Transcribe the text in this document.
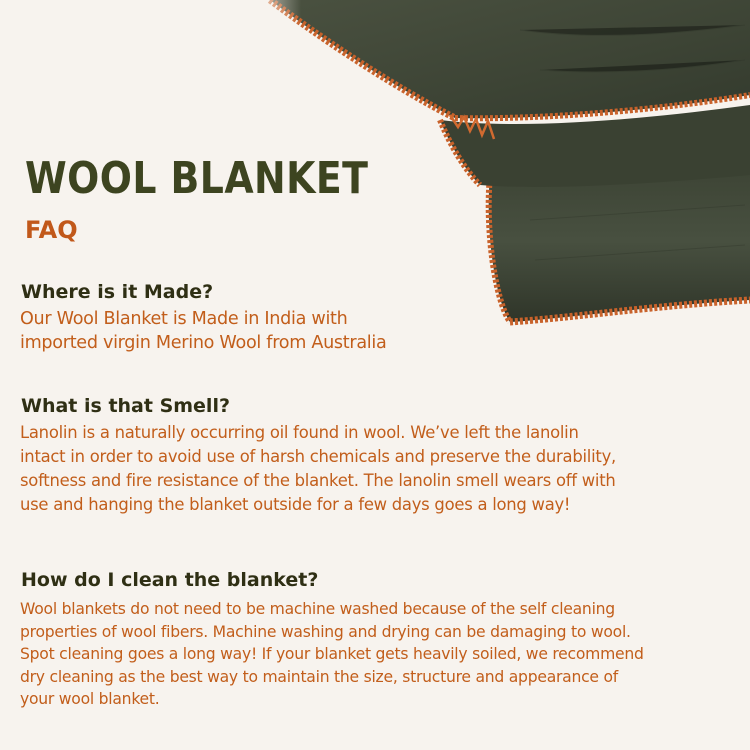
WOOL BLANKET
FAQ
Where is it Made?

Our Wool Blanket is Made in India with
imported virgin Merino Wool from Australia

What is that Smell?

Lanolin is a naturally occurring oil found in wool. We’ve left the lanolin
intact in order to avoid use of harsh chemicals and preserve the durability,
softness and fire resistance of the blanket. The lanolin smell wears off with
use and hanging the blanket outside for a few days goes a long way!

How do I clean the blanket?

Wool blankets do not need to be machine washed because of the self cleaning
properties of wool fibers. Machine washing and drying can be damaging to wool.
Spot cleaning goes a long way! If your blanket gets heavily soiled, we recommend
dry cleaning as the best way to maintain the size, structure and appearance of
your wool blanket.
